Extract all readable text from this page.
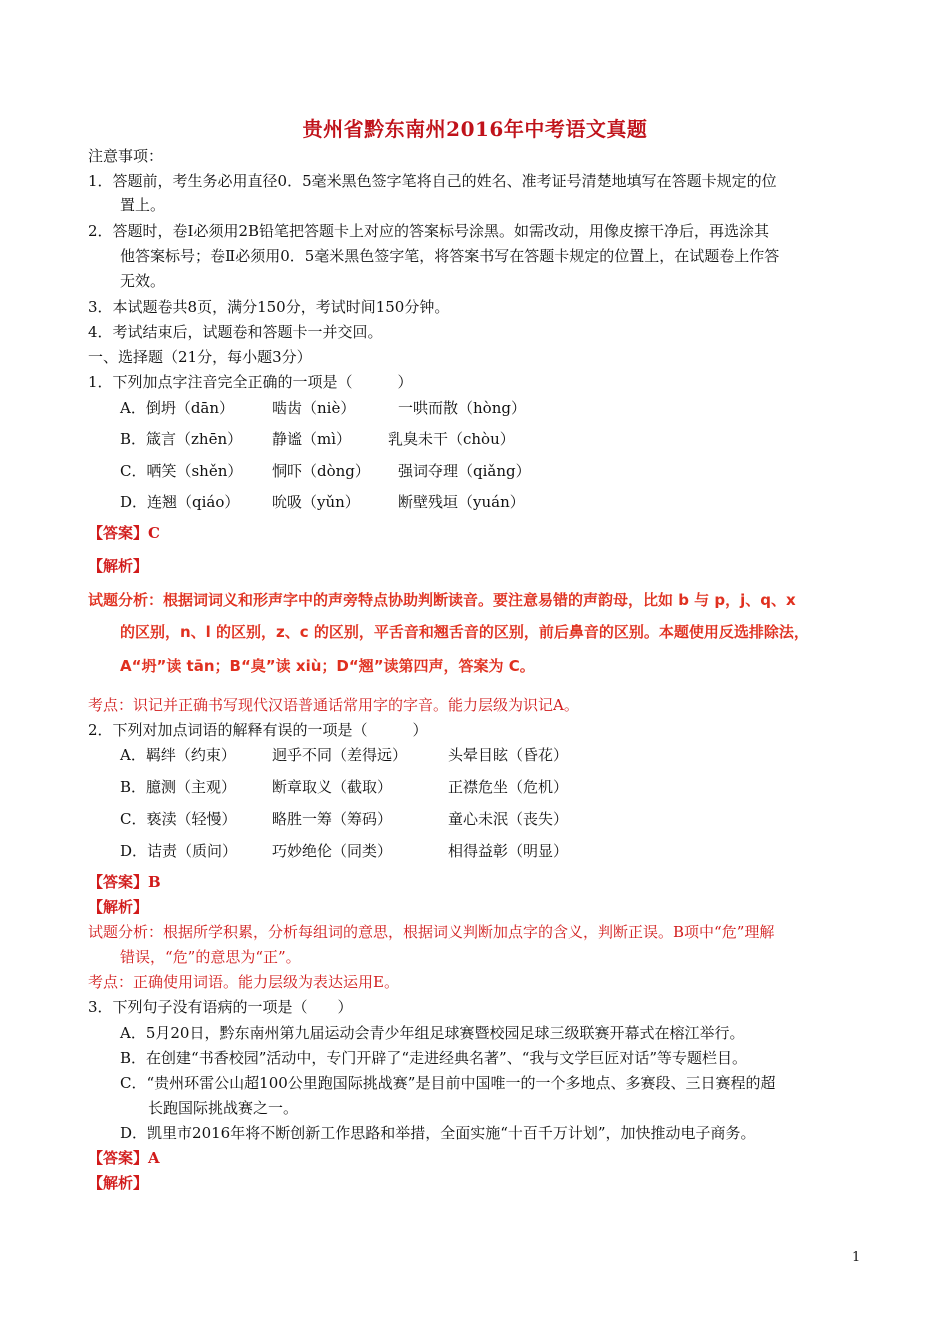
贵州省黔东南州2016年中考语文真题
注意事项：
1．答题前，考生务必用直径0．5毫米黑色签字笔将自己的姓名、准考证号清楚地填写在答题卡规定的位
置上。
2．答题时，卷Ⅰ必须用2B铅笔把答题卡上对应的答案标号涂黑。如需改动，用像皮擦干净后，再选涂其
他答案标号；卷Ⅱ必须用0．5毫米黑色签字笔，将答案书写在答题卡规定的位置上，在试题卷上作答
无效。
3．本试题卷共8页，满分150分，考试时间150分钟。
4．考试结束后，试题卷和答题卡一并交回。
一、选择题（21分，每小题3分）
1．下列加点字注音完全正确的一项是（　　　）
A．倒坍（dān）	啮齿（niè）	一哄而散（hòng）
B．箴言（zhēn） 静谧（mì） 乳臭未干（chòu）
C．哂笑（shěn） 恫吓（dòng） 强词夺理（qiǎng）
D．连翘（qiáo） 吮吸（yǔn）	断壁残垣（yuán）
【答案】C
【解析】
试题分析：根据词词义和形声字中的声旁特点协助判断读音。要注意易错的声韵母，比如 b 与 p，j、q、x
的区别，n、l 的区别，z、c 的区别，平舌音和翘舌音的区别，前后鼻音的区别。本题使用反选排除法，
A“坍”读 tān；B“臭”读 xiù；D“翘”读第四声，答案为 C。
考点：识记并正确书写现代汉语普通话常用字的字音。能力层级为识记A。
2．下列对加点词语的解释有误的一项是（　　　）
A．羁绊（约束） 迥乎不同（差得远）	头晕目眩（昏花）
B．臆测（主观） 断章取义（截取）	正襟危坐（危机）
C．亵渎（轻慢） 略胜一筹（筹码）	童心未泯（丧失）
D．诘责（质问） 巧妙绝伦（同类）	相得益彰（明显）
【答案】B
【解析】
试题分析：根据所学积累，分析每组词的意思，根据词义判断加点字的含义，判断正误。B项中“危”理解
错误，“危”的意思为“正”。
考点：正确使用词语。能力层级为表达运用E。
3．下列句子没有语病的一项是（　　）
A．5月20日，黔东南州第九届运动会青少年组足球赛暨校园足球三级联赛开幕式在榕江举行。
B．在创建“书香校园”活动中，专门开辟了“走进经典名著”、“我与文学巨匠对话”等专题栏目。
C．“贵州环雷公山超100公里跑国际挑战赛”是目前中国唯一的一个多地点、多赛段、三日赛程的超
长跑国际挑战赛之一。
D．凯里市2016年将不断创新工作思路和举措，全面实施“十百千万计划”，加快推动电子商务。
【答案】A
【解析】
1
